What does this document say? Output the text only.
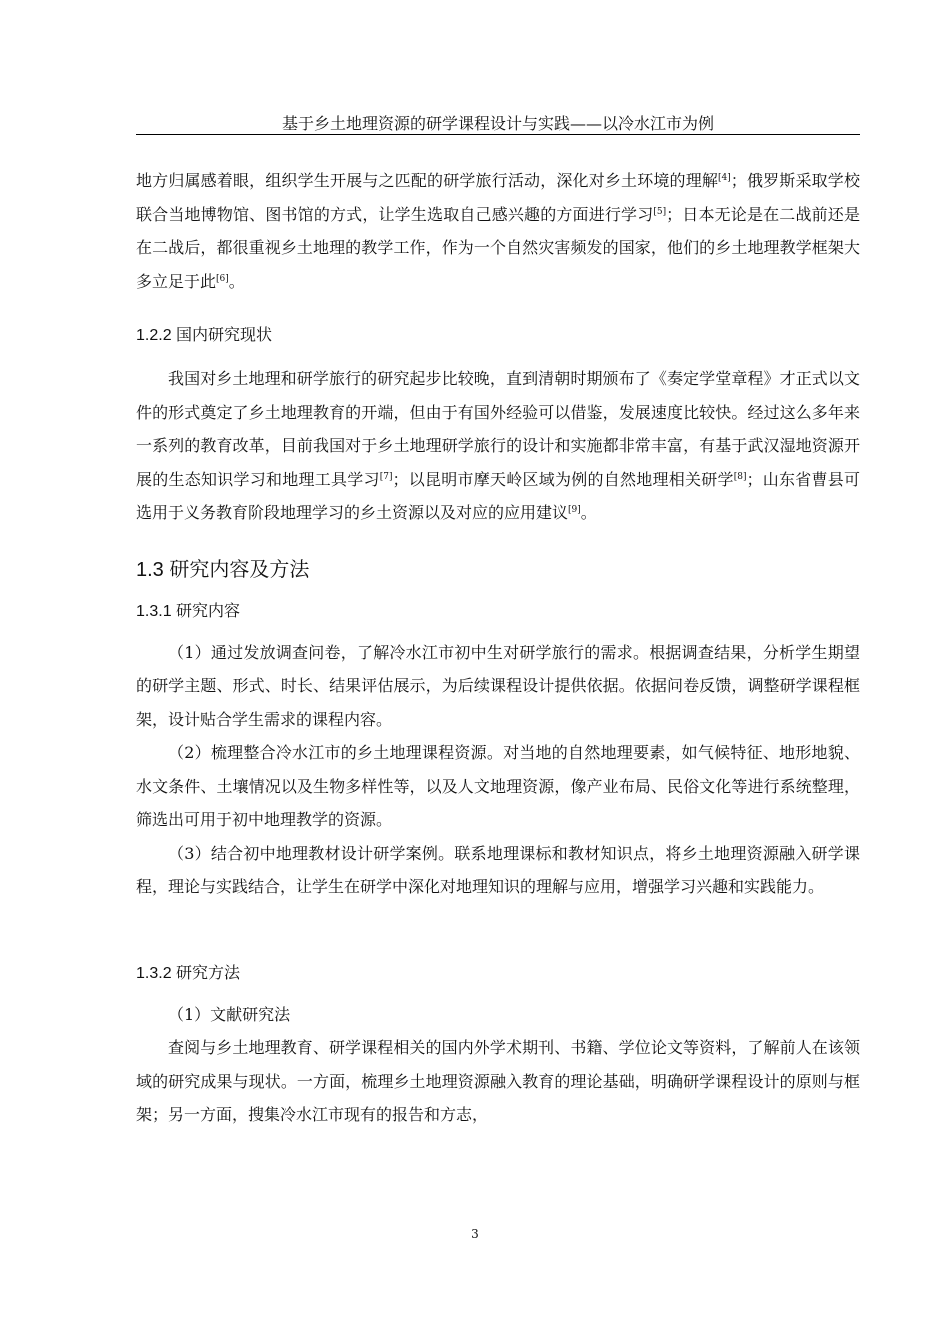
基于乡土地理资源的研学课程设计与实践——以冷水江市为例

地方归属感着眼，组织学生开展与之匹配的研学旅行活动，深化对乡土环境的理解[4]；俄罗斯采取学校联合当地博物馆、图书馆的方式，让学生选取自己感兴趣的方面进行学习[5]；日本无论是在二战前还是在二战后，都很重视乡土地理的教学工作，作为一个自然灾害频发的国家，他们的乡土地理教学框架大多立足于此[6]。

1.2.2 国内研究现状

我国对乡土地理和研学旅行的研究起步比较晚，直到清朝时期颁布了《奏定学堂章程》才正式以文件的形式奠定了乡土地理教育的开端，但由于有国外经验可以借鉴，发展速度比较快。经过这么多年来一系列的教育改革，目前我国对于乡土地理研学旅行的设计和实施都非常丰富，有基于武汉湿地资源开展的生态知识学习和地理工具学习[7]；以昆明市摩天岭区域为例的自然地理相关研学[8]；山东省曹县可选用于义务教育阶段地理学习的乡土资源以及对应的应用建议[9]。

1.3 研究内容及方法
1.3.1 研究内容

（1）通过发放调查问卷，了解冷水江市初中生对研学旅行的需求。根据调查结果，分析学生期望的研学主题、形式、时长、结果评估展示，为后续课程设计提供依据。依据问卷反馈，调整研学课程框架，设计贴合学生需求的课程内容。

（2）梳理整合冷水江市的乡土地理课程资源。对当地的自然地理要素，如气候特征、地形地貌、水文条件、土壤情况以及生物多样性等，以及人文地理资源，像产业布局、民俗文化等进行系统整理，筛选出可用于初中地理教学的资源。

（3）结合初中地理教材设计研学案例。联系地理课标和教材知识点，将乡土地理资源融入研学课程，理论与实践结合，让学生在研学中深化对地理知识的理解与应用，增强学习兴趣和实践能力。

1.3.2 研究方法

（1）文献研究法

查阅与乡土地理教育、研学课程相关的国内外学术期刊、书籍、学位论文等资料，了解前人在该领域的研究成果与现状。一方面，梳理乡土地理资源融入教育的理论基础，明确研学课程设计的原则与框架；另一方面，搜集冷水江市现有的报告和方志，

3
